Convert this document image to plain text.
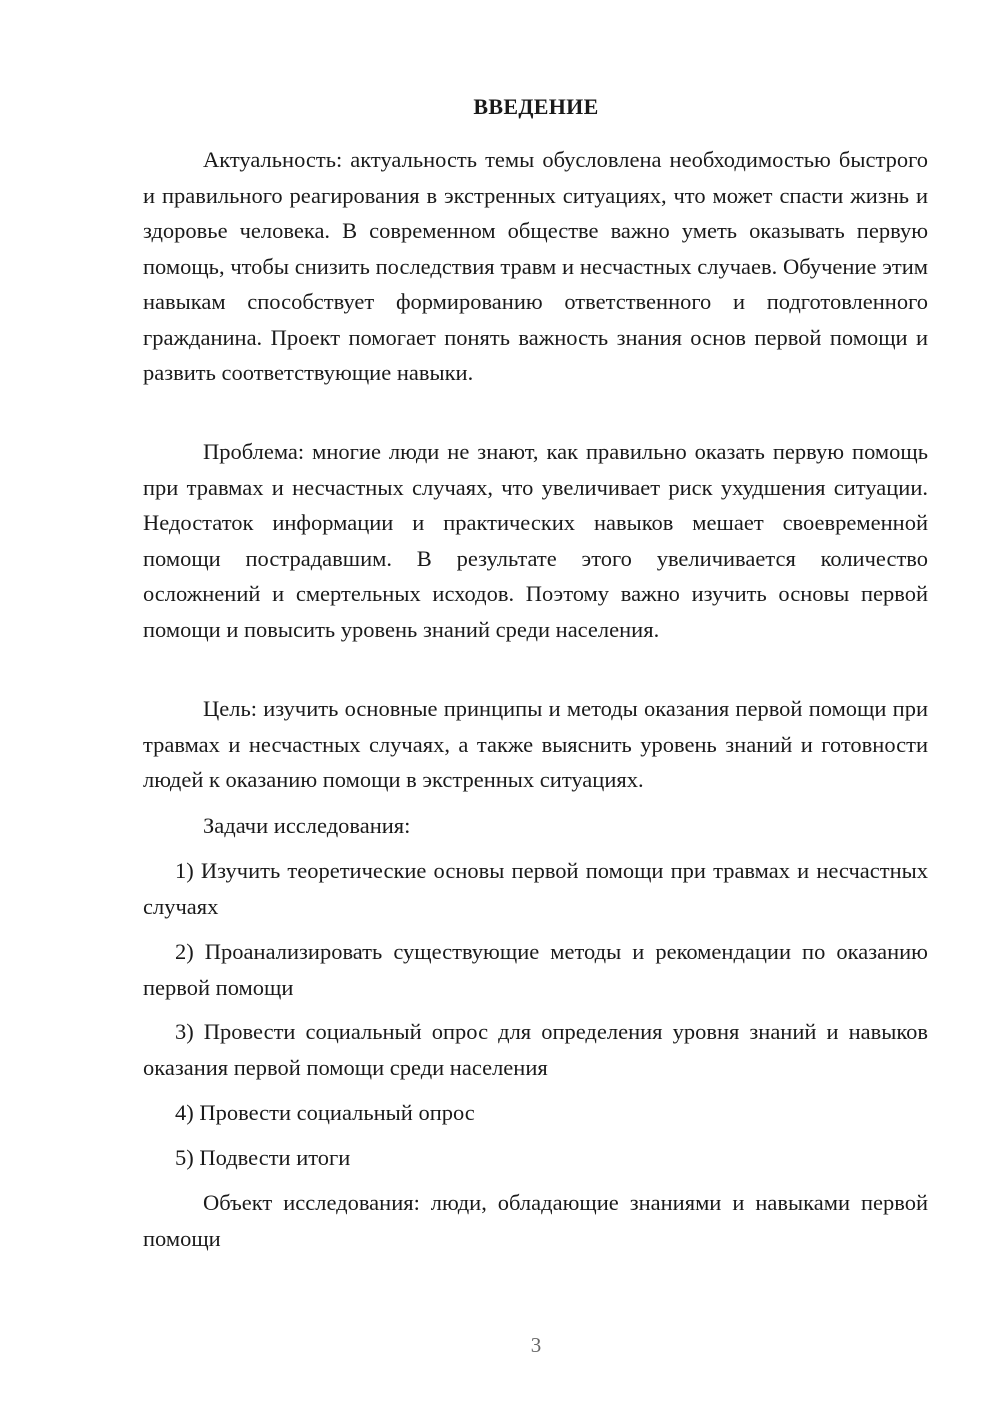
ВВЕДЕНИЕ

Актуальность: актуальность темы обусловлена необходимостью быстрого и правильного реагирования в экстренных ситуациях, что может спасти жизнь и здоровье человека. В современном обществе важно уметь оказывать первую помощь, чтобы снизить последствия травм и несчастных случаев. Обучение этим навыкам способствует формированию ответственного и подготовленного гражданина. Проект помогает понять важность знания основ первой помощи и развить соответствующие навыки.

Проблема: многие люди не знают, как правильно оказать первую помощь при травмах и несчастных случаях, что увеличивает риск ухудшения ситуации. Недостаток информации и практических навыков мешает своевременной помощи пострадавшим. В результате этого увеличивается количество осложнений и смертельных исходов. Поэтому важно изучить основы первой помощи и повысить уровень знаний среди населения.

Цель: изучить основные принципы и методы оказания первой помощи при травмах и несчастных случаях, а также выяснить уровень знаний и готовности людей к оказанию помощи в экстренных ситуациях.

Задачи исследования:

1) Изучить теоретические основы первой помощи при травмах и несчастных случаях

2) Проанализировать существующие методы и рекомендации по оказанию первой помощи

3) Провести социальный опрос для определения уровня знаний и навыков оказания первой помощи среди населения

4) Провести социальный опрос

5) Подвести итоги

Объект исследования: люди, обладающие знаниями и навыками первой помощи

3
